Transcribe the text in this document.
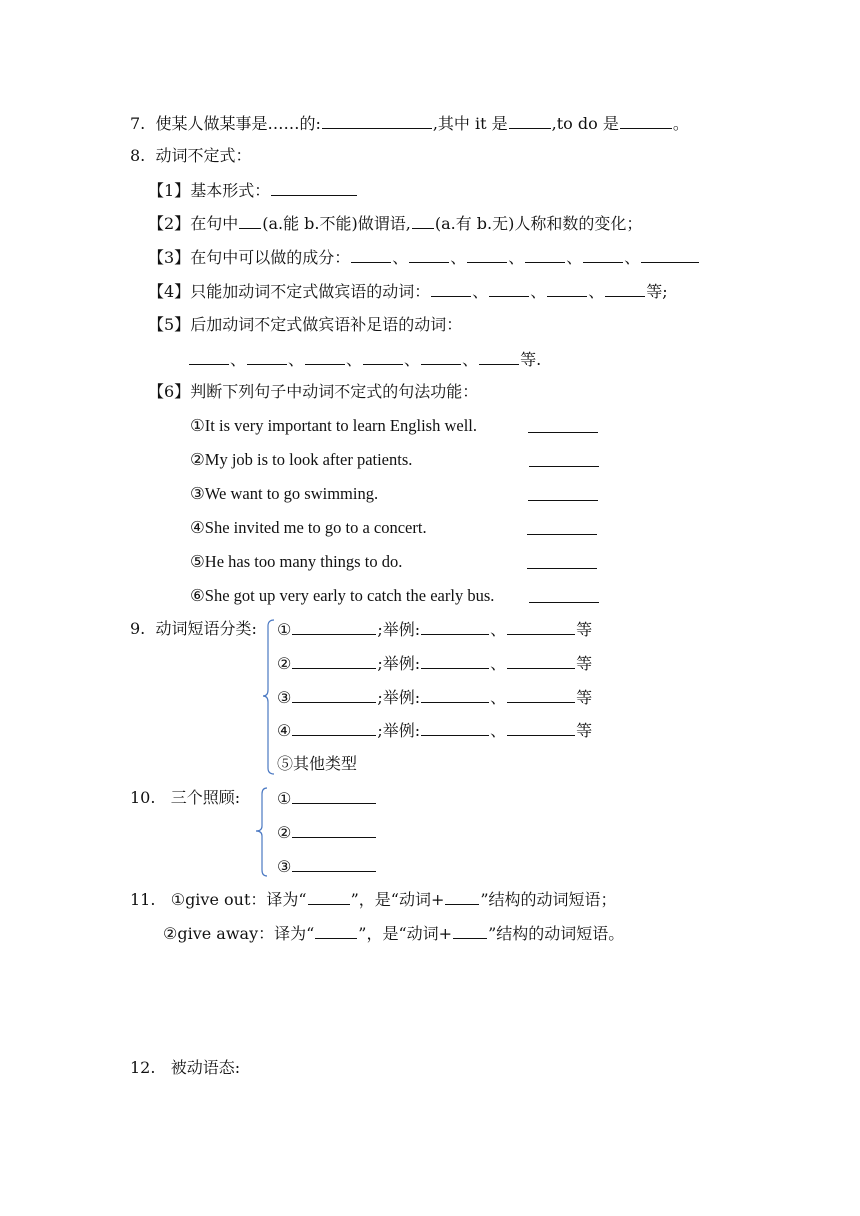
7. 使某人做某事是……的:	,其中 it 是	,to do 是	。
8. 动词不定式：
【1】基本形式：
【2】在句中 (a.能 b.不能)做谓语, (a.有 b.无)人称和数的变化；
【3】在句中可以做的成分：	、	、	、	、	、
【4】只能加动词不定式做宾语的动词：	、	、	、	等;
【5】后加动词不定式做宾语补足语的动词：
、	、	、	、	、	等.
【6】判断下列句子中动词不定式的句法功能：
①It is very important to learn English well.
②My job is to look after patients.
③We want to go swimming.
④She invited me to go to a concert.
⑤He has too many things to do.
⑥She got up very early to catch the early bus.
9. 动词短语分类: ①	;举例:	、	等
②	;举例:	、	等
③	;举例:	、	等
④	;举例:	、	等
⑤其他类型
10. 三个照顾: ①
②
③
11. ①give out：译为“	”，是“动词+ ”结构的动词短语；
②give away：译为“	”，是“动词+ ”结构的动词短语。
12. 被动语态:
